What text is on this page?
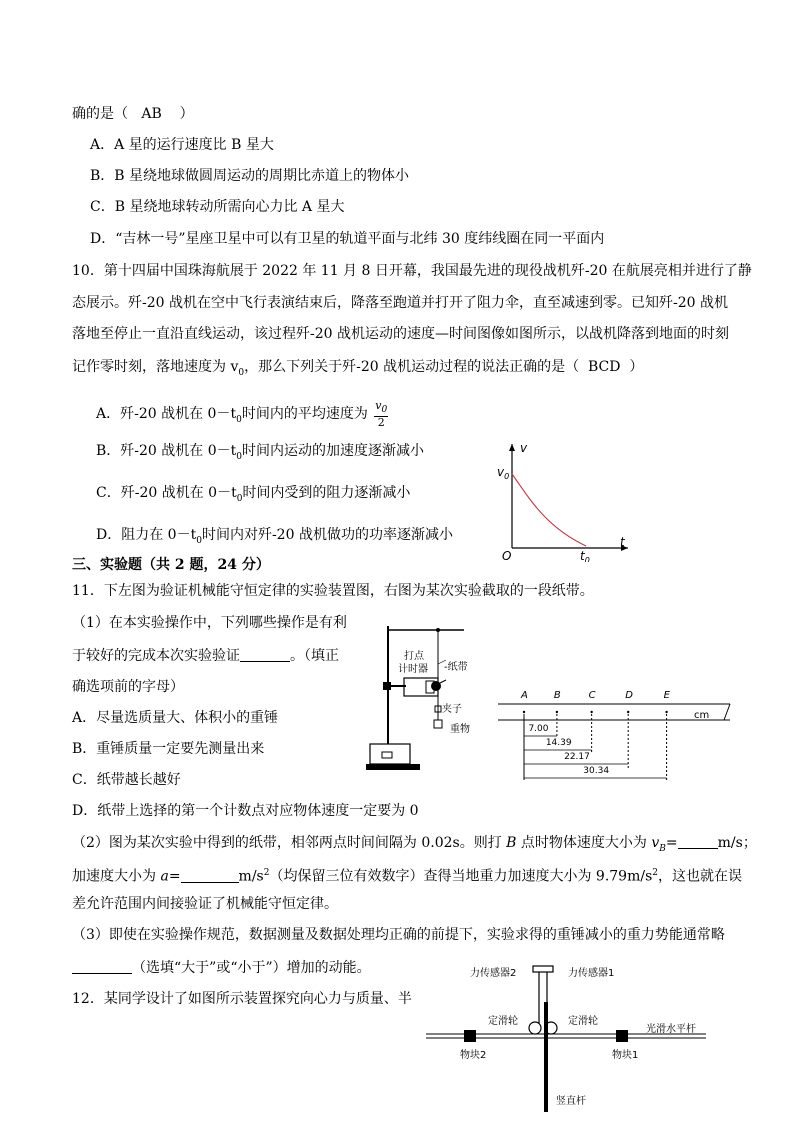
确的是（ AB ）
A．A 星的运行速度比 B 星大
B．B 星绕地球做圆周运动的周期比赤道上的物体小
C．B 星绕地球转动所需向心力比 A 星大
D．“吉林一号”星座卫星中可以有卫星的轨道平面与北纬 30 度纬线圈在同一平面内
10．第十四届中国珠海航展于 2022 年 11 月 8 日开幕，我国最先进的现役战机歼-20 在航展亮相并进行了静
态展示。歼-20 战机在空中飞行表演结束后，降落至跑道并打开了阻力伞，直至减速到零。已知歼-20 战机
落地至停止一直沿直线运动，该过程歼-20 战机运动的速度—时间图像如图所示，以战机降落到地面的时刻
记作零时刻，落地速度为 $v_0$，那么下列关于歼-20 战机运动过程的说法正确的是（ BCD ）
A．歼-20 战机在 $0-t_0$时间内的平均速度为 $\frac{v_0}{2}$
B．歼-20 战机在 $0-t_0$时间内运动的加速度逐渐减小
C．歼-20 战机在 $0-t_0$时间内受到的阻力逐渐减小
D．阻力在 $0-t_0$时间内对歼-20 战机做功的功率逐渐减小
v
$v_0$
t
$t_0$
O
三、实验题（共 2 题，24 分）
11．下左图为验证机械能守恒定律的实验装置图，右图为某次实验截取的一段纸带。
（1）在本实验操作中，下列哪些操作是有利
于较好的完成本次实验验证	。（填正
确选项前的字母）
A．尽量选质量大、体积小的重锤
B．重锤质量一定要先测量出来
C．纸带越长越好
D．纸带上选择的第一个计数点对应物体速度一定要为 0
（2）图为某次实验中得到的纸带，相邻两点时间间隔为 0.02s。则打 B 点时物体速度大小为 $v_B=$	m/s；
加速度大小为 a=	$m/s^2$（均保留三位有效数字）查得当地重力加速度大小为 $9.79m/s^2$，这也就在误
差允许范围内间接验证了机械能守恒定律。
（3）即使在实验操作规范，数据测量及数据处理均正确的前提下，实验求得的重锤减小的重力势能通常略
（选填“大于”或“小于”）增加的动能。
打点
计时器 -纸带
夹子
重物
cm
A	B	C	D	E
7.00
14.39
22.17
30.34
12．某同学设计了如图所示装置探究向心力与质量、半
力传感器2	力传感器1
定滑轮	定滑轮
光滑水平杆
物块2	物块1
竖直杆
